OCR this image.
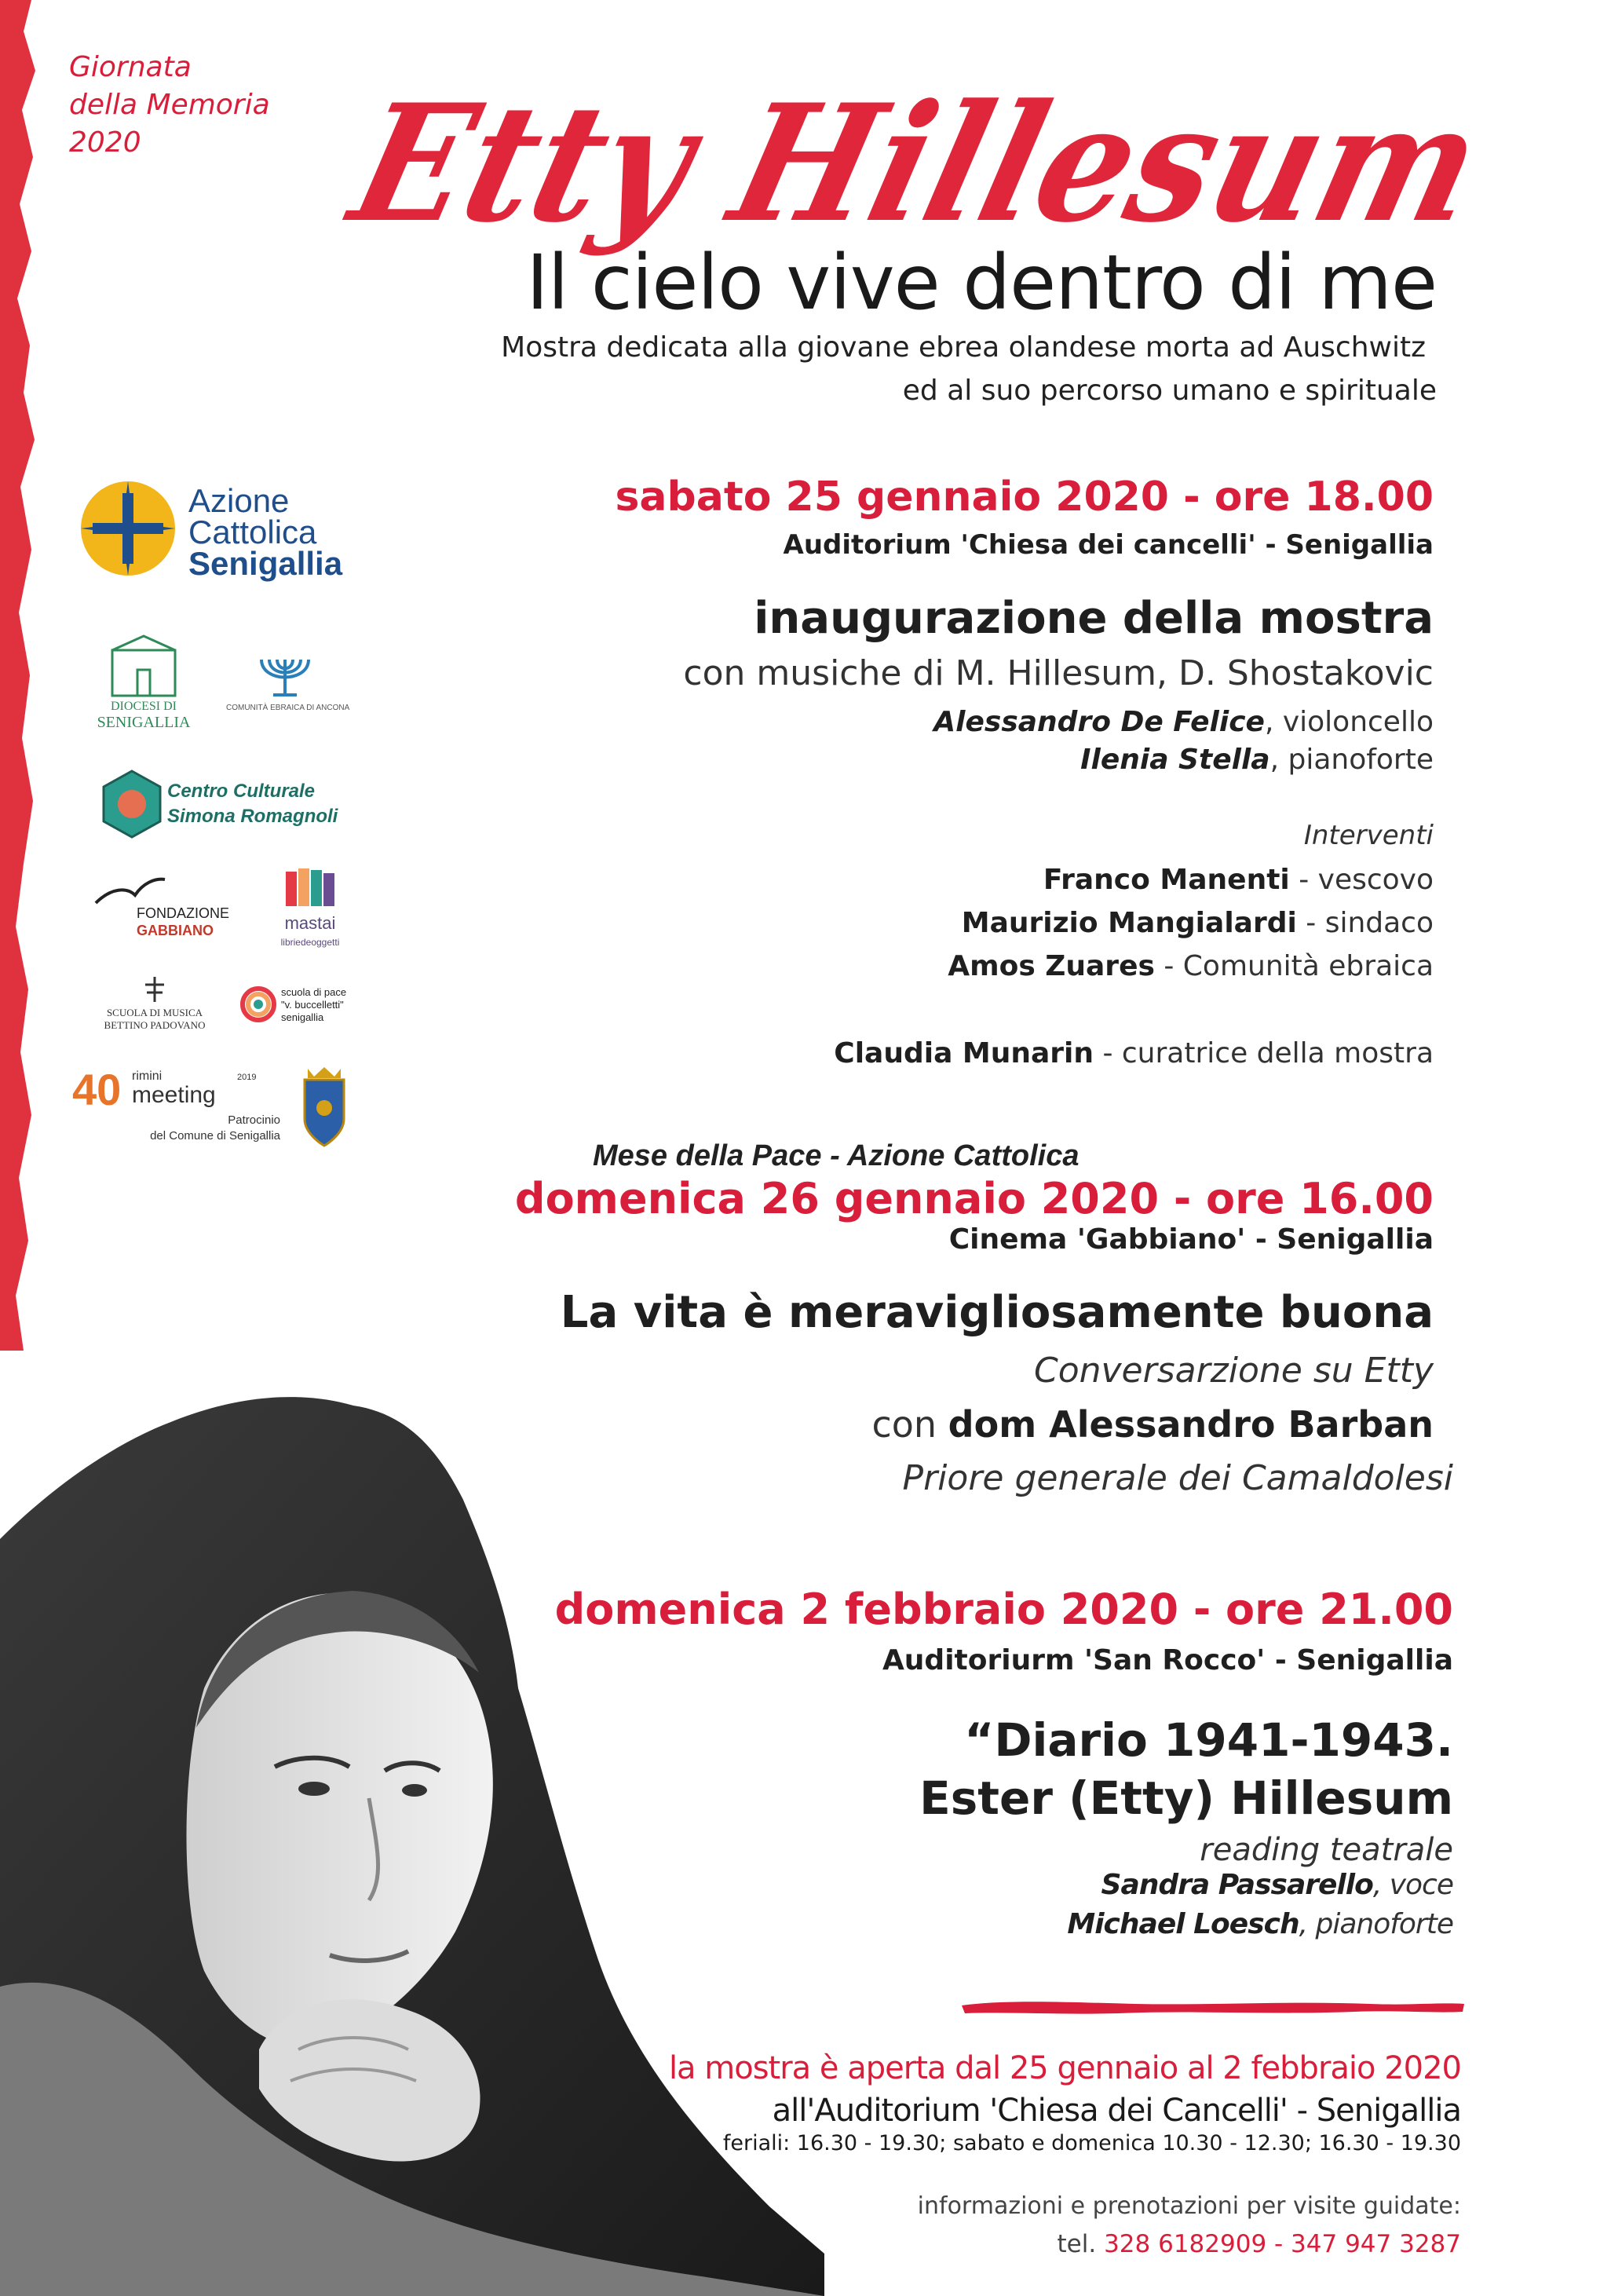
Giornata
della Memoria
2020	Etty Hillesum
Il cielo vive dentro di me
Mostra dedicata alla giovane ebrea olandese morta ad Auschwitz
ed al suo percorso umano e spirituale
sabato 25 gennaio 2020 - ore 18.00
Auditorium 'Chiesa dei cancelli' - Senigallia
inaugurazione della mostra
con musiche di M. Hillesum, D. Shostakovic
Alessandro De Felice, violoncello
Ilenia Stella, pianoforte
Interventi
Franco Manenti - vescovo
Maurizio Mangialardi - sindaco
Amos Zuares - Comunità ebraica
Claudia Munarin - curatrice della mostra
Mese della Pace - Azione Cattolica
domenica 26 gennaio 2020 - ore 16.00
Cinema 'Gabbiano' - Senigallia
La vita è meravigliosamente buona
Conversarzione su Etty
con dom Alessandro Barban
Priore generale dei Camaldolesi
domenica 2 febbraio 2020 - ore 21.00
Auditoriurm 'San Rocco' - Senigallia
“Diario 1941-1943.
Ester (Etty) Hillesum
reading teatrale
Sandra Passarello, voce
Michael Loesch, pianoforte
la mostra è aperta dal 25 gennaio al 2 febbraio 2020
all'Auditorium 'Chiesa dei Cancelli' - Senigallia
feriali: 16.30 - 19.30; sabato e domenica 10.30 - 12.30; 16.30 - 19.30
informazioni e prenotazioni per visite guidate:
tel. 328 6182909 - 347 947 3287
Azione
Cattolica
Senigallia
DIOCESI DI
SENIGALLIA
COMUNITÀ EBRAICA DI ANCONA
Centro Culturale
Simona Romagnoli
FONDAZIONE
GABBIANO	mastai
libriedeoggetti
SCUOLA DI MUSICA
BETTINO PADOVANO
scuola di pace
"v. buccelletti"
senigallia
40 rimini
meeting
2019
Patrocinio
del Comune di Senigallia
